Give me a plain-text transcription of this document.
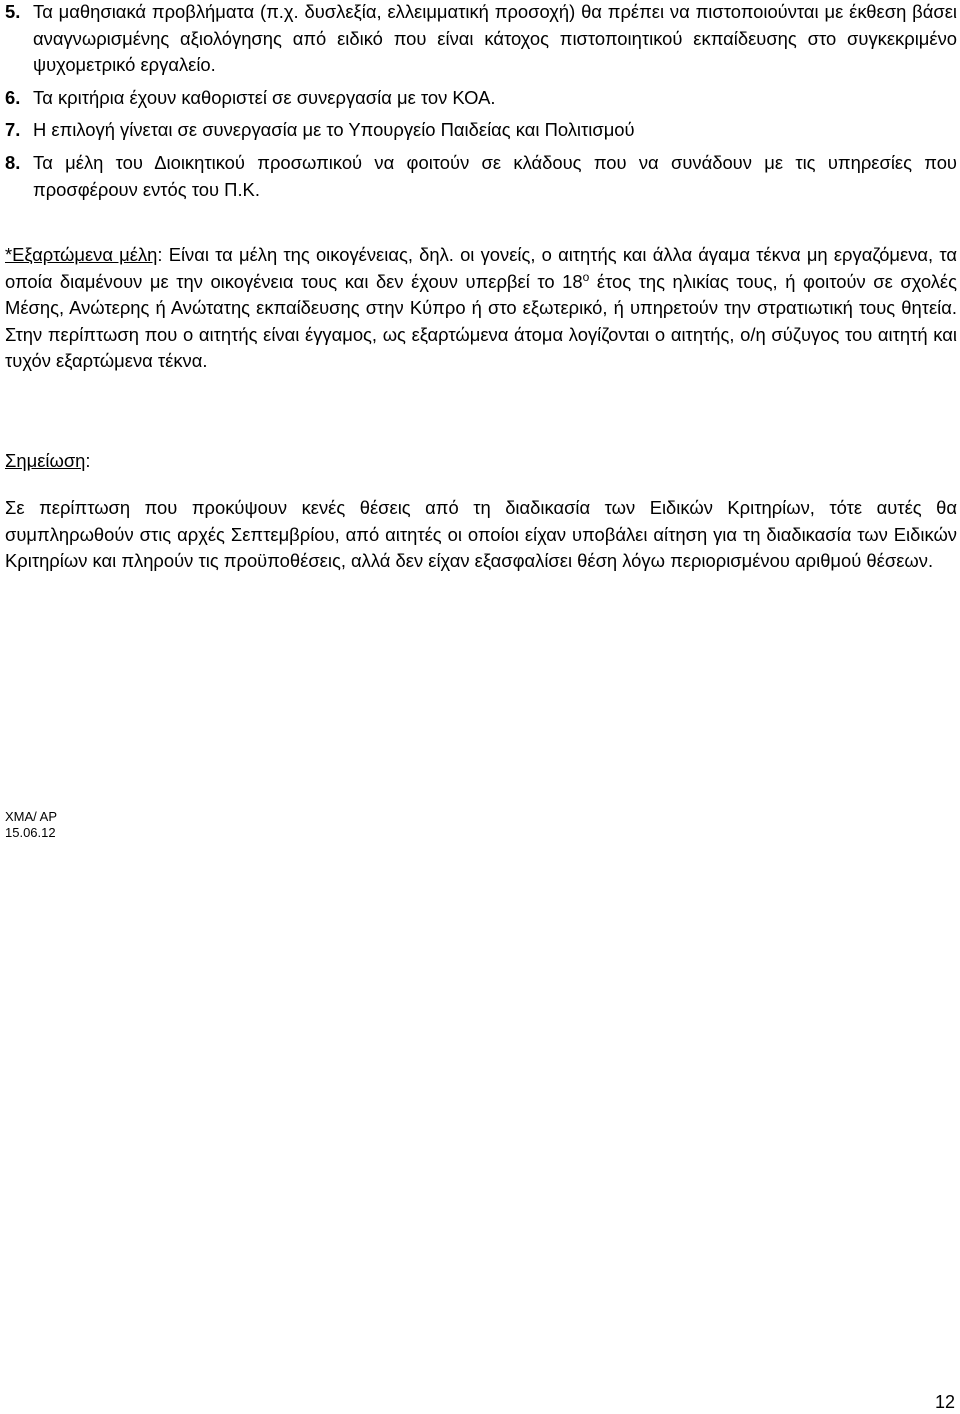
5. Τα μαθησιακά προβλήματα (π.χ. δυσλεξία, ελλειμματική προσοχή) θα πρέπει να πιστοποιούνται με έκθεση βάσει αναγνωρισμένης αξιολόγησης από ειδικό που είναι κάτοχος πιστοποιητικού εκπαίδευσης στο συγκεκριμένο ψυχομετρικό εργαλείο.
6. Τα κριτήρια έχουν καθοριστεί σε συνεργασία με τον ΚΟΑ.
7. Η επιλογή γίνεται σε συνεργασία με το Υπουργείο Παιδείας και Πολιτισμού
8. Τα μέλη του Διοικητικού προσωπικού να φοιτούν σε κλάδους που να συνάδουν με τις υπηρεσίες που προσφέρουν εντός του Π.Κ.
*Εξαρτώμενα μέλη: Είναι τα μέλη της οικογένειας, δηλ. οι γονείς, ο αιτητής και άλλα άγαμα τέκνα μη εργαζόμενα, τα οποία διαμένουν με την οικογένεια τους και δεν έχουν υπερβεί το $18^o$ έτος της ηλικίας τους, ή φοιτούν σε σχολές Μέσης, Ανώτερης ή Ανώτατης εκπαίδευσης στην Κύπρο ή στο εξωτερικό, ή υπηρετούν την στρατιωτική τους θητεία. Στην περίπτωση που ο αιτητής είναι έγγαμος, ως εξαρτώμενα άτομα λογίζονται ο αιτητής, ο/η σύζυγος του αιτητή και τυχόν εξαρτώμενα τέκνα.
Σημείωση:
Σε περίπτωση που προκύψουν κενές θέσεις από τη διαδικασία των Ειδικών Κριτηρίων, τότε αυτές θα συμπληρωθούν στις αρχές Σεπτεμβρίου, από αιτητές οι οποίοι είχαν υποβάλει αίτηση για τη διαδικασία των Ειδικών Κριτηρίων και πληρούν τις προϋποθέσεις, αλλά δεν είχαν εξασφαλίσει θέση λόγω περιορισμένου αριθμού θέσεων.
ΧΜΑ/ ΑΡ
15.06.12
12
